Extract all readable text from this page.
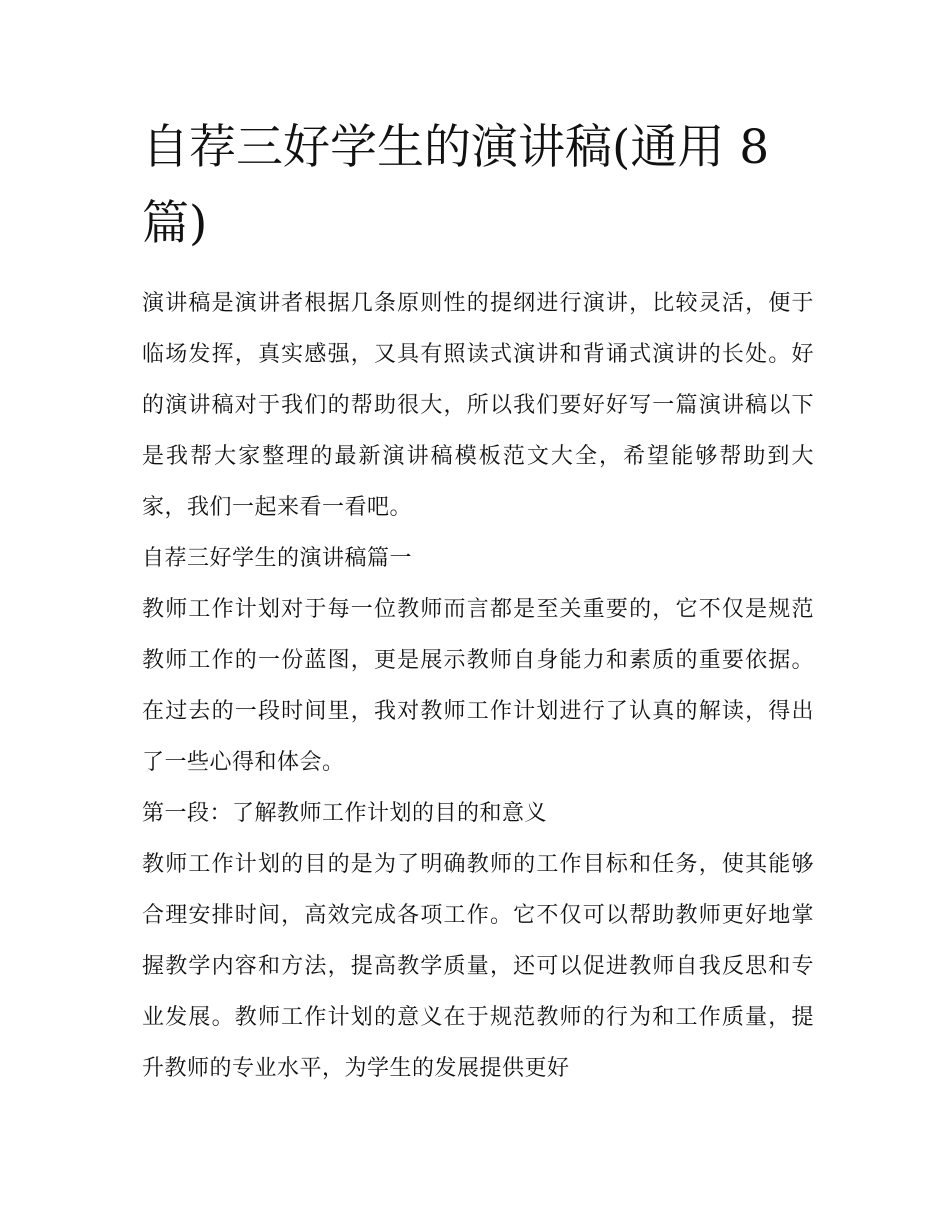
自荐三好学生的演讲稿(通用 8 篇)

演讲稿是演讲者根据几条原则性的提纲进行演讲，比较灵活，便于临场发挥，真实感强，又具有照读式演讲和背诵式演讲的长处。好的演讲稿对于我们的帮助很大，所以我们要好好写一篇演讲稿以下是我帮大家整理的最新演讲稿模板范文大全，希望能够帮助到大家，我们一起来看一看吧。

自荐三好学生的演讲稿篇一

教师工作计划对于每一位教师而言都是至关重要的，它不仅是规范教师工作的一份蓝图，更是展示教师自身能力和素质的重要依据。在过去的一段时间里，我对教师工作计划进行了认真的解读，得出了一些心得和体会。

第一段：了解教师工作计划的目的和意义

教师工作计划的目的是为了明确教师的工作目标和任务，使其能够合理安排时间，高效完成各项工作。它不仅可以帮助教师更好地掌握教学内容和方法，提高教学质量，还可以促进教师自我反思和专业发展。教师工作计划的意义在于规范教师的行为和工作质量，提升教师的专业水平，为学生的发展提供更好
